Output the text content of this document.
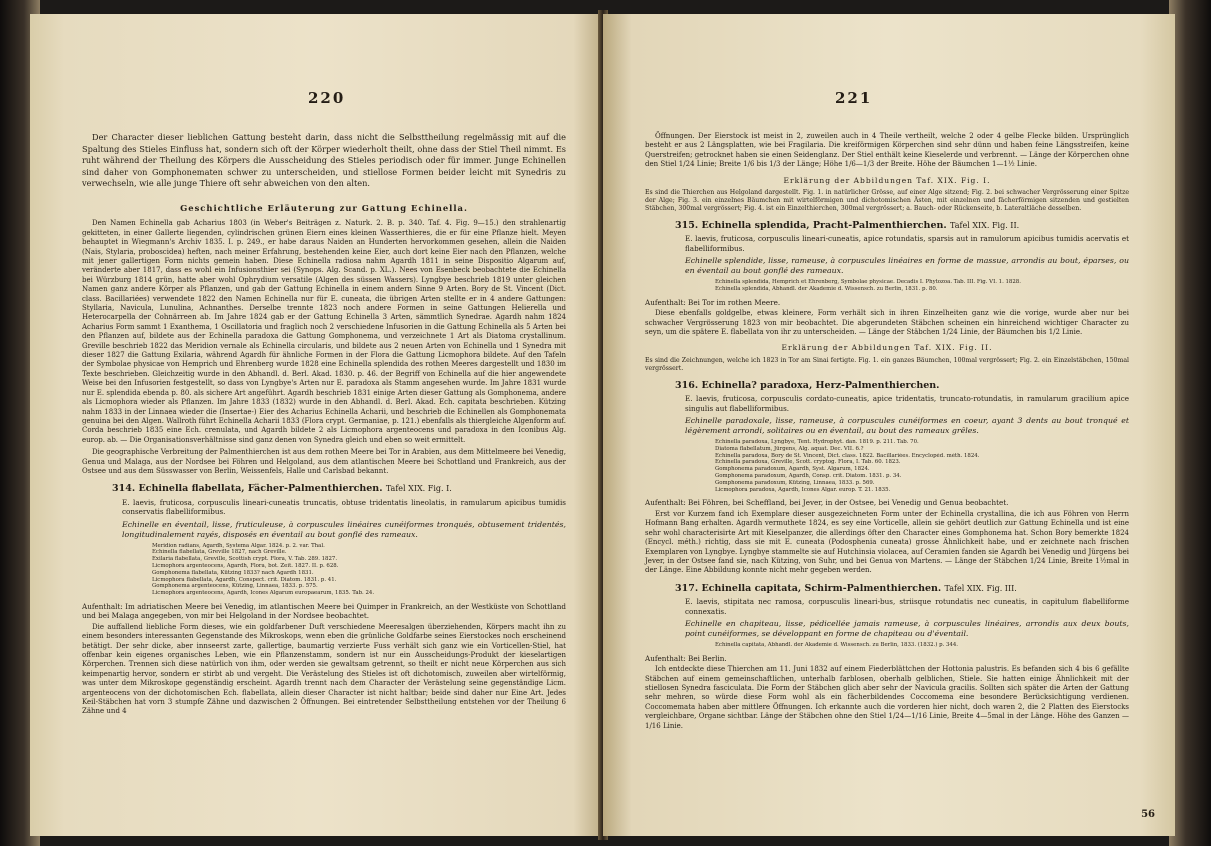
220

Der Character dieser lieblichen Gattung besteht darin, dass nicht die Selbsttheilung regelmässig mit auf die Spaltung des Stieles Einfluss hat, sondern sich oft der Körper wiederholt theilt, ohne dass der Stiel Theil nimmt. Es ruht während der Theilung des Körpers die Ausscheidung des Stieles periodisch oder für immer. Junge Echinellen sind daher von Gomphonematen schwer zu unterscheiden, und stiellose Formen beider leicht mit Synedris zu verwechseln, wie alle junge Thiere oft sehr abweichen von den alten.

Geschichtliche Erläuterung zur Gattung Echinella.

Den Namen Echinella gab Acharius 1803 (in Weber's Beiträgen z. Naturk. 2. B. p. 340. Taf. 4. Fig. 9—15.) den strahlenartig gekitteten, in einer Gallerte liegenden, cylindrischen grünen Eiern eines kleinen Wasserthieres, die er für eine Pflanze hielt. Meyen behauptet in Wiegmann's Archiv 1835. I. p. 249., er habe daraus Naiden an Hunderten hervorkommen gesehen, allein die Naiden (Nais, Stylaria, proboscidea) heften, nach meiner Erfahrung, bestehenden keine Eier, auch dort keine Eier nach den Pflanzen, welche mit jener gallertigen Form nichts gemein haben. Diese Echinella radiosa nahm Agardh 1811 in seine Dispositio Algarum auf, veränderte aber 1817, dass es wohl ein Infusionsthier sei (Synops. Alg. Scand. p. XL.). Nees von Esenbeck beobachtete die Echinella bei Würzburg 1814 grün, hatte aber wohl Ophrydium versatile (Algen des süssen Wassers). Lyngbye beschrieb 1819 unter gleichen Namen ganz andere Körper als Pflanzen, und gab der Gattung Echinella in einem andern Sinne 9 Arten. Bory de St. Vincent (Dict. class. Bacillariées) verwendete 1822 den Namen Echinella nur für E. cuneata, die übrigen Arten stellte er in 4 andere Gattungen: Styllaria, Navicula, Lunulina, Achnanthes. Derselbe trennte 1823 noch andere Formen in seine Gattungen Helierella und Heterocarpella der Cohnärreen ab. Im Jahre 1824 gab er der Gattung Echinella 3 Arten, sämmtlich Synedrae. Agardh nahm 1824 Acharius Form sammt 1 Exanthema, 1 Oscillatoria und fraglich noch 2 verschiedene Infusorien in die Gattung Echinella als 5 Arten bei den Pflanzen auf, bildete aus der Echinella paradoxa die Gattung Gomphonema, und verzeichnete 1 Art als Diatoma crystallinum. Greville beschrieb 1822 das Meridion vernale als Echinella circularis, und bildete aus 2 neuen Arten von Echinella und 1 Synedra mit dieser 1827 die Gattung Exilaria, während Agardh für ähnliche Formen in der Flora die Gattung Licmophora bildete. Auf den Tafeln der Symbolae physicae von Hemprich und Ehrenberg wurde 1828 eine Echinella splendida des rothen Meeres dargestellt und 1830 im Texte beschrieben. Gleichzeitig wurde in den Abhandl. d. Berl. Akad. 1830. p. 46. der Begriff von Echinella auf die hier angewendete Weise bei den Infusorien festgestellt, so dass von Lyngbye's Arten nur E. paradoxa als Stamm angesehen wurde. Im Jahre 1831 wurde nur E. splendida ebenda p. 80. als sichere Art angeführt. Agardh beschrieb 1831 einige Arten dieser Gattung als Gomphonema, andere als Licmophora wieder als Pflanzen. Im Jahre 1833 (1832) wurde in den Abhandl. d. Berl. Akad. Ech. capitata beschrieben. Kützing nahm 1833 in der Linnaea wieder die (Insertae-) Eier des Acharius Echinella Acharii, und beschrieb die Echinellen als Gomphonemata genuina bei den Algen. Wallroth führt Echinella Acharii 1833 (Flora crypt. Germaniae, p. 121.) ebenfalls als thiergleiche Algenform auf. Corda beschrieb 1835 eine Ech. crenulata, und Agardh bildete 2 als Licmophora argenteocens und paradoxa in den Iconibus Alg. europ. ab. — Die Organisationsverhältnisse sind ganz denen von Synedra gleich und eben so weit ermittelt.

Die geographische Verbreitung der Palmenthierchen ist aus dem rothen Meere bei Tor in Arabien, aus dem Mittelmeere bei Venedig, Genua und Malaga, aus der Nordsee bei Föhren und Helgoland, aus dem atlantischen Meere bei Schottland und Frankreich, aus der Ostsee und aus dem Süsswasser von Berlin, Weissenfels, Halle und Carlsbad bekannt.

314. Echinella flabellata, Fächer-Palmenthierchen. Tafel XIX. Fig. I.

E. laevis, fruticosa, corpusculis lineari-cuneatis truncatis, obtuse tridentatis lineolatis, in ramularum apicibus tumidis conservatis flabelliformibus.

Echinelle en éventail, lisse, fruticuleuse, à corpuscules linéaires cunéiformes tronqués, obtusement tridentés, longitudinalement rayés, disposés en éventail au bout gonflé des rameaux.

Meridion radians, Agardh, Systema Algar. 1824. p. 2. var. Thal.
Echinella flabellata, Greville 1827, nach Greville.
Exilaria flabellata, Greville, Scottish crypt. Flora, V. Tab. 289. 1827.
Licmophora argenteocens, Agardh, Flora, bot. Zeit. 1827. II. p. 628.
Gomphonema flabellata, Kützing 1833? nach Agardh 1831.
Licmophora flabellata, Agardh, Conspect. crit. Diatom. 1831. p. 41.
Gomphonema argenteocens, Kützing, Linnaea, 1833. p. 575.
Licmophora argenteocens, Agardh, Icones Algarum europaearum, 1835. Tab. 24.

Aufenthalt: Im adriatischen Meere bei Venedig, im atlantischen Meere bei Quimper in Frankreich, an der Westküste von Schottland und bei Malaga angegeben, von mir bei Helgoland in der Nordsee beobachtet.

Die auffallend liebliche Form dieses, wie ein goldfarbener Duft verschiedene Meeresalgen überziehenden, Körpers macht ihn zu einem besonders interessanten Gegenstande des Mikroskops, wenn eben die grünliche Goldfarbe seines Eierstockes noch erscheinend betätigt. Der sehr dicke, aber innseerst zarte, gallertige, baumartig verzierte Fuss verhält sich ganz wie ein Vorticellen-Stiel, hat offenbar kein eigenes organisches Leben, wie ein Pflanzenstamm, sondern ist nur ein Ausscheidungs-Produkt der kieselartigen Körperchen. Trennen sich diese natürlich von ihm, oder werden sie gewaltsam getrennt, so theilt er nicht neue Körperchen aus sich keimpenartig hervor, sondern er stirbt ab und vergeht. Die Verästelung des Stieles ist oft dichotomisch, zuweilen aber wirtelförmig, was unter dem Mikroskope gegenständig erscheint. Agardh trennt nach dem Character der Verästelung seine gegenständige Licm. argenteocens von der dichotomischen Ech. flabellata, allein dieser Character ist nicht haltbar; beide sind daher nur Eine Art. Jedes Keil-Stäbchen hat vorn 3 stumpfe Zähne und dazwischen 2 Öffnungen. Bei eintretender Selbsttheilung entstehen vor der Theilung 6 Zähne und 4

221

Öffnungen. Der Eierstock ist meist in 2, zuweilen auch in 4 Theile vertheilt, welche 2 oder 4 gelbe Flecke bilden. Ursprünglich besteht er aus 2 Längsplatten, wie bei Fragilaria. Die kreiförmigen Körperchen sind sehr dünn und haben feine Längsstreifen, keine Querstreifen; getrocknet haben sie einen Seidenglanz. Der Stiel enthält keine Kieselerde und verbrennt. — Länge der Körperchen ohne den Stiel 1/24 Linie; Breite 1/6 bis 1/3 der Länge; Höhe 1/6—1/3 der Breite. Höhe der Bäumchen 1—1½ Linie.

Erklärung der Abbildungen Taf. XIX. Fig. I.

Es sind die Thierchen aus Helgoland dargestellt. Fig. 1. in natürlicher Grösse, auf einer Alge sitzend; Fig. 2. bei schwacher Vergrösserung einer Spitze der Alge; Fig. 3. ein einzelnes Bäumchen mit wirtelförmigen und dichotomischen Ästen, mit einzelnen und fächerförmigen sitzenden und gestielten Stäbchen, 300mal vergrössert; Fig. 4. ist ein Einzelthierchen, 300mal vergrössert; a. Bauch- oder Rückenseite, b. Lateraltläche desselben.

315. Echinella splendida, Pracht-Palmenthierchen. Tafel XIX. Fig. II.

E. laevis, fruticosa, corpusculis lineari-cuneatis, apice rotundatis, sparsis aut in ramulorum apicibus tumidis acervatis et flabelliformibus.

Echinelle splendide, lisse, rameuse, à corpuscules linéaires en forme de massue, arrondis au bout, éparses, ou en éventail au bout gonflé des rameaux.

Echinella splendida, Hemprich et Ehrenberg, Symbolae physicae. Decadis I. Phytozoa. Tab. III. Fig. VI. 1. 1828.
Echinella splendida, Abhandl. der Akademie d. Wissensch. zu Berlin, 1831. p. 80.

Aufenthalt: Bei Tor im rothen Meere.

Diese ebenfalls goldgelbe, etwas kleinere, Form verhält sich in ihren Einzelheiten ganz wie die vorige, wurde aber nur bei schwacher Vergrösserung 1823 von mir beobachtet. Die abgerundeten Stäbchen scheinen ein hinreichend wichtiger Character zu seyn, um die spätere E. flabellata von ihr zu unterscheiden. — Länge der Stäbchen 1/24 Linie, der Bäumchen bis 1/2 Linie.

Erklärung der Abbildungen Taf. XIX. Fig. II.

Es sind die Zeichnungen, welche ich 1823 in Tor am Sinai fertigte. Fig. 1. ein ganzes Bäumchen, 100mal vergrössert; Fig. 2. ein Einzelstäbchen, 150mal vergrössert.

316. Echinella? paradoxa, Herz-Palmenthierchen.

E. laevis, fruticosa, corpusculis cordato-cuneatis, apice tridentatis, truncato-rotundatis, in ramularum gracilium apice singulis aut flabelliformibus.

Echinelle paradoxale, lisse, rameuse, à corpuscules cunéiformes en coeur, ayant 3 dents au bout tronqué et légèrement arrondi, solitaires ou en éventail, au bout des rameaux grêles.

Echinella paradoxa, Lyngbye, Tent. Hydrophyt. dan. 1819. p. 211. Tab. 70.
Diatoma flabellatum, Jürgens, Alg. aquat. Dec. VII. 6.?
Echinella paradoxa, Bory de St. Vincent, Dict. class. 1822. Bacillariées. Encyclopéd. méth. 1824.
Echinella paradoxa, Greville, Scott. cryptog. Flora, I. Tab. 60. 1823.
Gomphonema paradoxum, Agardh, Syst. Algarum, 1824.
Gomphonema paradoxum, Agardh, Consp. crit. Diatom. 1831. p. 34.
Gomphonema paradoxum, Kützing, Linnaea, 1833. p. 569.
Licmophora paradoxa, Agardh, Icones Algar. europ. T. 21. 1835.

Aufenthalt: Bei Föhren, bei Scheffland, bei Jever, in der Ostsee, bei Venedig und Genua beobachtet.

Erst vor Kurzem fand ich Exemplare dieser ausgezeichneten Form unter der Echinella crystallina, die ich aus Föhren von Herrn Hofmann Bang erhalten. Agardh vermuthete 1824, es sey eine Vorticelle, allein sie gehört deutlich zur Gattung Echinella und ist eine sehr wohl characterisirte Art mit Kieselpanzer, die allerdings öfter den Character eines Gomphonema hat. Schon Bory bemerkte 1824 (Encycl. méth.) richtig, dass sie mit E. cuneata (Podosphenia cuneata) grosse Ähnlichkeit habe, und er zeichnete nach frischen Exemplaren von Lyngbye. Lyngbye stammelte sie auf Hutchinsia violacea, auf Ceramien fanden sie Agardh bei Venedig und Jürgens bei Jever, in der Ostsee fand sie, nach Kützing, von Suhr, und bei Genua von Martens. — Länge der Stäbchen 1/24 Linie, Breite 1½mal in der Länge. Eine Abbildung konnte nicht mehr gegeben werden.

317. Echinella capitata, Schirm-Palmenthierchen. Tafel XIX. Fig. III.

E. laevis, stipitata nec ramosa, corpusculis lineari-bus, striisque rotundatis nec cuneatis, in capitulum flabelliforme connexatis.

Echinelle en chapiteau, lisse, pédicellée jamais rameuse, à corpuscules linéaires, arrondis aux deux bouts, point cunéiformes, se développant en forme de chapiteau ou d'éventail.

Echinella capitata, Abhandl. der Akademie d. Wissensch. zu Berlin, 1833. (1832.) p. 344.

Aufenthalt: Bei Berlin.

Ich entdeckte diese Thierchen am 11. Juni 1832 auf einem Fiederblättchen der Hottonia palustris. Es befanden sich 4 bis 6 gefällte Stäbchen auf einem gemeinschaftlichen, unterhalb farblosen, oberhalb gelblichen, Stiele. Sie hatten einige Ähnlichkeit mit der stiellosen Synedra fasciculata. Die Form der Stäbchen glich aber sehr der Navicula gracilis. Sollten sich später die Arten der Gattung sehr mehren, so würde diese Form wohl als ein fächerbildendes Coccomema eine besondere Berücksichtigung verdienen. Coccomemata haben aber mittlere Öffnungen. Ich erkannte auch die vorderen hier nicht, doch waren 2, die 2 Platten des Eierstocks vergleichbare, Organe sichtbar. Länge der Stäbchen ohne den Stiel 1/24—1/16 Linie, Breite 4—5mal in der Länge. Höhe des Ganzen — 1/16 Linie.

56
